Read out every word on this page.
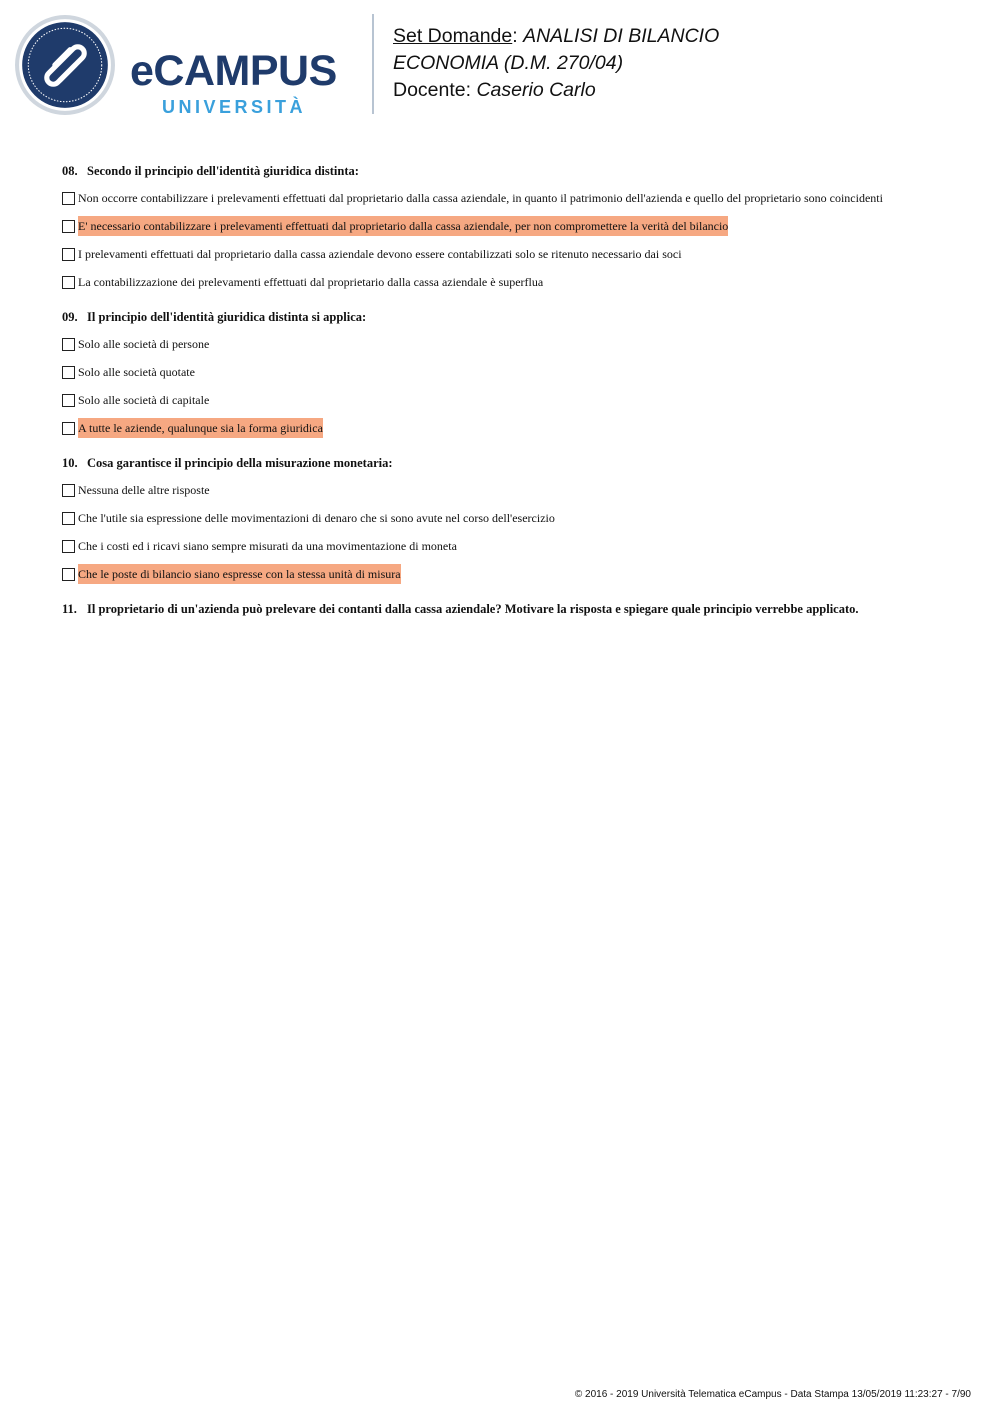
eCAMPUS
UNIVERSITÀ
Set Domande: ANALISI DI BILANCIO
ECONOMIA (D.M. 270/04)
Docente: Caserio Carlo
08. Secondo il principio dell'identità giuridica distinta:
Non occorre contabilizzare i prelevamenti effettuati dal proprietario dalla cassa aziendale, in quanto il patrimonio dell'azienda e quello del proprietario sono coincidenti
E' necessario contabilizzare i prelevamenti effettuati dal proprietario dalla cassa aziendale, per non compromettere la verità del bilancio
I prelevamenti effettuati dal proprietario dalla cassa aziendale devono essere contabilizzati solo se ritenuto necessario dai soci
La contabilizzazione dei prelevamenti effettuati dal proprietario dalla cassa aziendale è superflua
09. Il principio dell'identità giuridica distinta si applica:
Solo alle società di persone
Solo alle società quotate
Solo alle società di capitale
A tutte le aziende, qualunque sia la forma giuridica
10. Cosa garantisce il principio della misurazione monetaria:
Nessuna delle altre risposte
Che l'utile sia espressione delle movimentazioni di denaro che si sono avute nel corso dell'esercizio
Che i costi ed i ricavi siano sempre misurati da una movimentazione di moneta
Che le poste di bilancio siano espresse con la stessa unità di misura
11. Il proprietario di un'azienda può prelevare dei contanti dalla cassa aziendale? Motivare la risposta e spiegare quale principio verrebbe applicato.
© 2016 - 2019 Università Telematica eCampus - Data Stampa 13/05/2019 11:23:27 - 7/90
